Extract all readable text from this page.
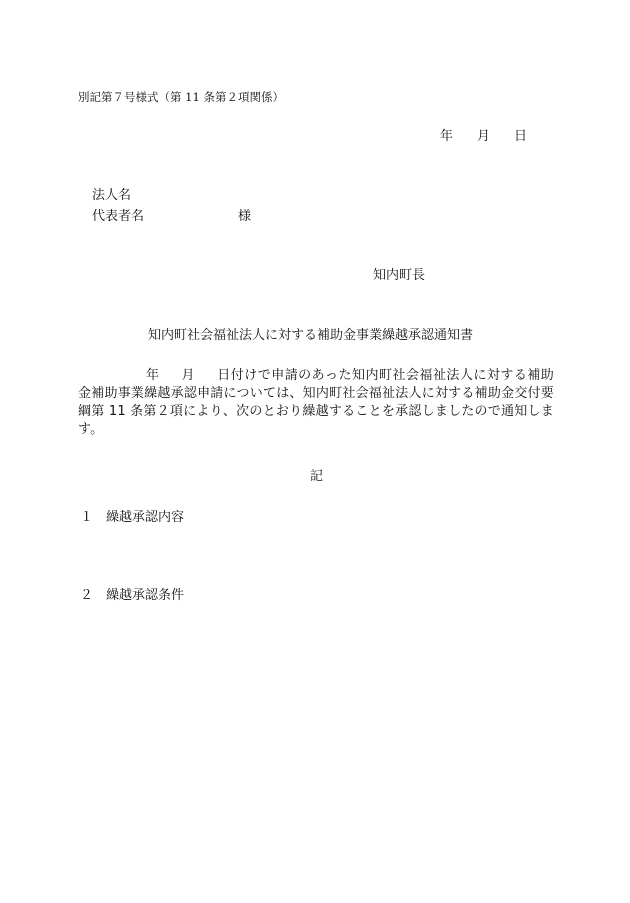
別記第７号様式（第 11 条第２項関係）
年 月 日
法人名
代表者名	様
知内町長
知内町社会福祉法人に対する補助金事業繰越承認通知書
年 月 日付けで申請のあった知内町社会福祉法人に対する補助金補助事業繰越承認申請については、知内町社会福祉法人に対する補助金交付要綱第 11 条第２項により、次のとおり繰越することを承認しましたので通知します。
記
１ 繰越承認内容
２ 繰越承認条件
